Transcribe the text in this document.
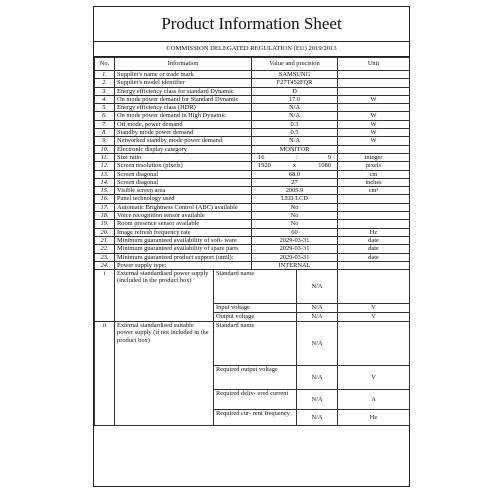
Product Information Sheet
COMMISSION DELEGATED REGULATION (EU) 2019/2013
No.	Information		Value and precision		Unit
1.	Supplier's name or trade mark		SAMSUNG		
2.	Supplier's model identifier		F27T452FQR		
3.	Energy efficiency class for standard Dynamic		D		
4.	On mode power demand for Standard Dynamic		17.0		W
5.	Energy efficiency class (HDR)		N/A		
6.	On mode power demand in High Dynamic		N/A		W
7.	Off mode, power demand		0.3		W
8.	Standby mode power demand		0.5		W
9.	Networked standby mode power demand		N/A		W
10.	Electronic display category		MONITOR		
11.	Size ratio		16 : 9		integer
12.	Screen resolution (pixels)		1920 x 1080		pixels
13.	Screen diagonal		68.0		cm
14.	Screen diagonal		27		inches
15.	Visible screen area		2005.9		cm²
16.	Panel technology used		LED LCD		
17.	Automatic Brightness Control (ABC) available		No		
18.	Voice recognition sensor available		No		
19.	Room presence sensor available		No		
20.	Image refresh frequency rate		60		Hz
21.	Minimum guaranteed availability of soft- ware		2029-03-31		date
22.	Minimum guaranteed availability of spare parts		2029-03-31		date
23.	Minimum guaranteed product support (until):		2029-03-31		date
24.	Power supply type:		INTERNAL		
i	External standardised power supply (included in the product box)	Standard name		N/A	
		Input voltage		N/A	V
		Output voltage		N/A	V
ii	External standardised suitable power supply (if not included in the product box)	Standard name		N/A	
		Required output voltage		N/A	V
		Required deliv- ered current		N/A	A
		Required cur- rent frequency		N/A	Hz
